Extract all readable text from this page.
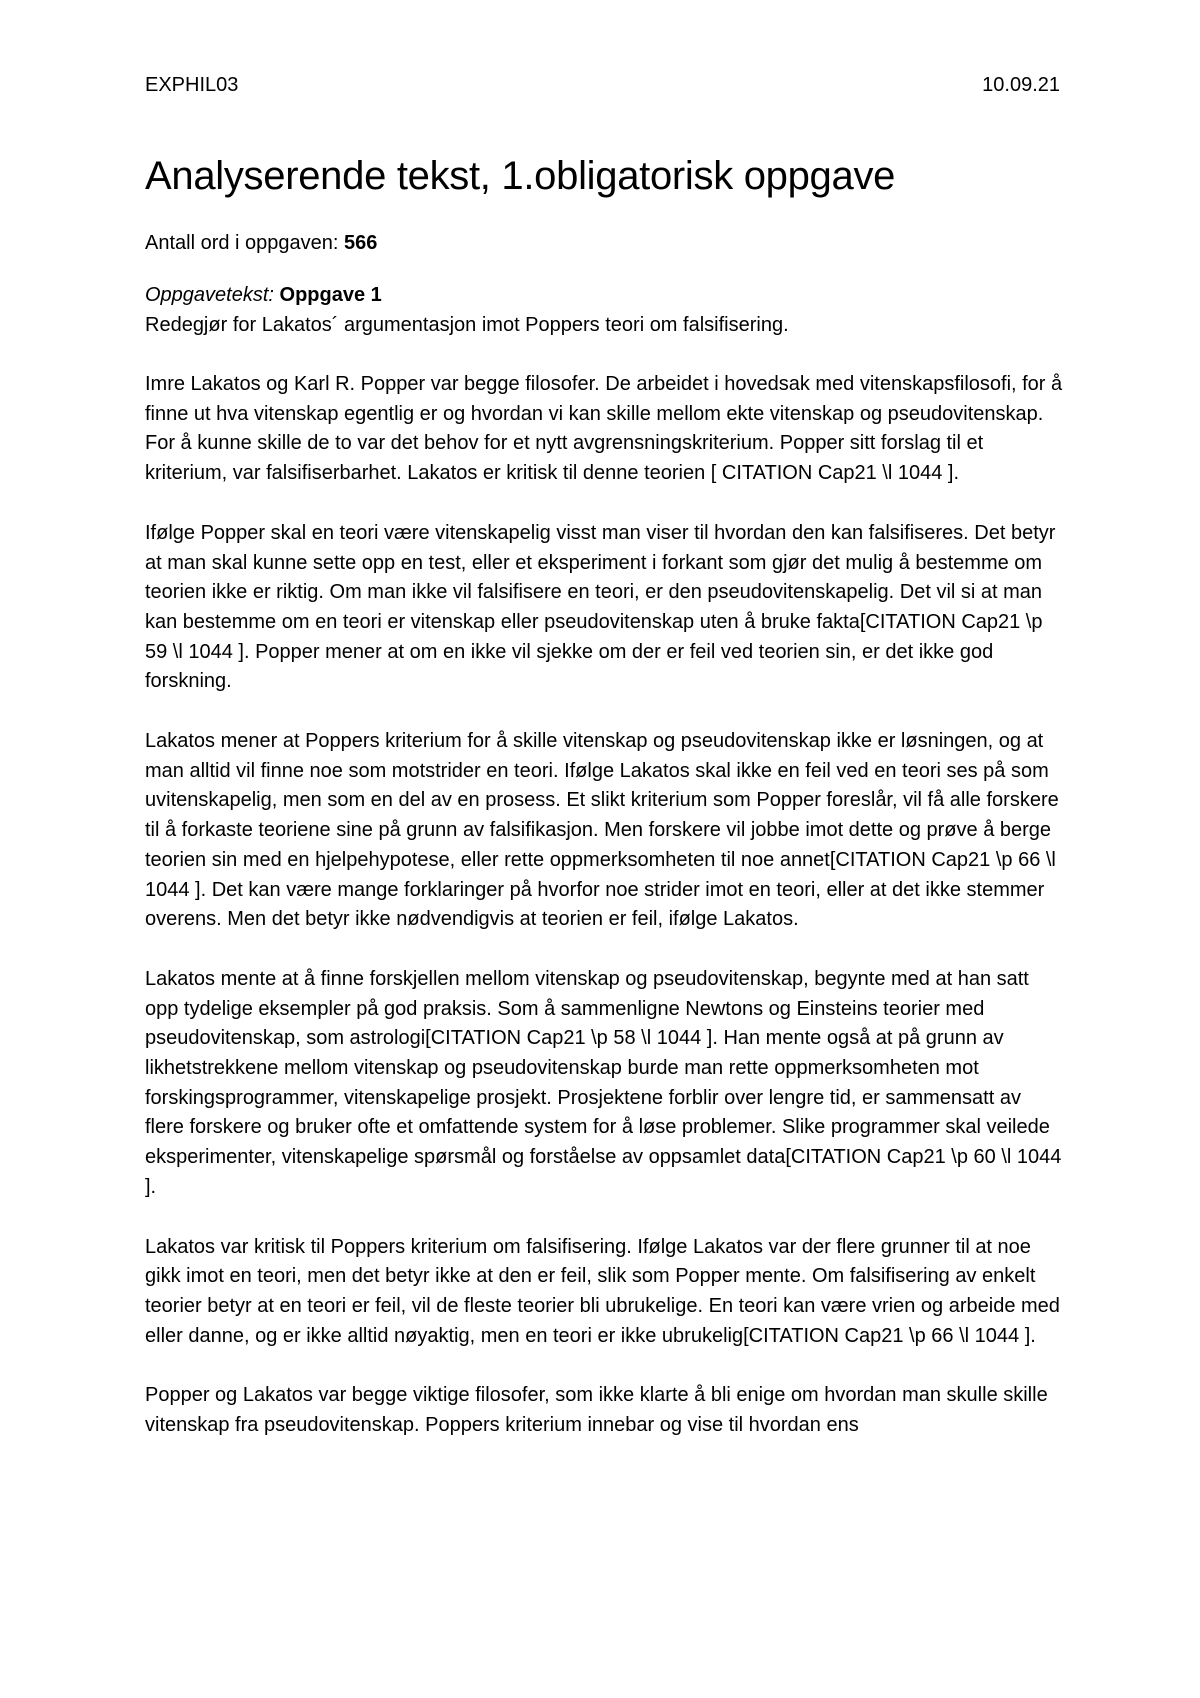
EXPHIL03	10.09.21
Analyserende tekst, 1.obligatorisk oppgave

Antall ord i oppgaven: 566

Oppgavetekst: Oppgave 1
Redegjør for Lakatos´ argumentasjon imot Poppers teori om falsifisering.

Imre Lakatos og Karl R. Popper var begge filosofer. De arbeidet i hovedsak med vitenskapsfilosofi, for å finne ut hva vitenskap egentlig er og hvordan vi kan skille mellom ekte vitenskap og pseudovitenskap. For å kunne skille de to var det behov for et nytt avgrensningskriterium. Popper sitt forslag til et kriterium, var falsifiserbarhet. Lakatos er kritisk til denne teorien [ CITATION Cap21 \l 1044 ].

Ifølge Popper skal en teori være vitenskapelig visst man viser til hvordan den kan falsifiseres. Det betyr at man skal kunne sette opp en test, eller et eksperiment i forkant som gjør det mulig å bestemme om teorien ikke er riktig. Om man ikke vil falsifisere en teori, er den pseudovitenskapelig. Det vil si at man kan bestemme om en teori er vitenskap eller pseudovitenskap uten å bruke fakta[CITATION Cap21 \p 59 \l 1044 ]. Popper mener at om en ikke vil sjekke om der er feil ved teorien sin, er det ikke god forskning.

Lakatos mener at Poppers kriterium for å skille vitenskap og pseudovitenskap ikke er løsningen, og at man alltid vil finne noe som motstrider en teori. Ifølge Lakatos skal ikke en feil ved en teori ses på som uvitenskapelig, men som en del av en prosess. Et slikt kriterium som Popper foreslår, vil få alle forskere til å forkaste teoriene sine på grunn av falsifikasjon. Men forskere vil jobbe imot dette og prøve å berge teorien sin med en hjelpehypotese, eller rette oppmerksomheten til noe annet[CITATION Cap21 \p 66 \l 1044 ]. Det kan være mange forklaringer på hvorfor noe strider imot en teori, eller at det ikke stemmer overens. Men det betyr ikke nødvendigvis at teorien er feil, ifølge Lakatos.

Lakatos mente at å finne forskjellen mellom vitenskap og pseudovitenskap, begynte med at han satt opp tydelige eksempler på god praksis. Som å sammenligne Newtons og Einsteins teorier med pseudovitenskap, som astrologi[CITATION Cap21 \p 58 \l 1044 ]. Han mente også at på grunn av likhetstrekkene mellom vitenskap og pseudovitenskap burde man rette oppmerksomheten mot forskingsprogrammer, vitenskapelige prosjekt. Prosjektene forblir over lengre tid, er sammensatt av flere forskere og bruker ofte et omfattende system for å løse problemer. Slike programmer skal veilede eksperimenter, vitenskapelige spørsmål og forståelse av oppsamlet data[CITATION Cap21 \p 60 \l 1044 ].

Lakatos var kritisk til Poppers kriterium om falsifisering. Ifølge Lakatos var der flere grunner til at noe gikk imot en teori, men det betyr ikke at den er feil, slik som Popper mente. Om falsifisering av enkelt teorier betyr at en teori er feil, vil de fleste teorier bli ubrukelige. En teori kan være vrien og arbeide med eller danne, og er ikke alltid nøyaktig, men en teori er ikke ubrukelig[CITATION Cap21 \p 66 \l 1044 ].

Popper og Lakatos var begge viktige filosofer, som ikke klarte å bli enige om hvordan man skulle skille vitenskap fra pseudovitenskap. Poppers kriterium innebar og vise til hvordan ens
